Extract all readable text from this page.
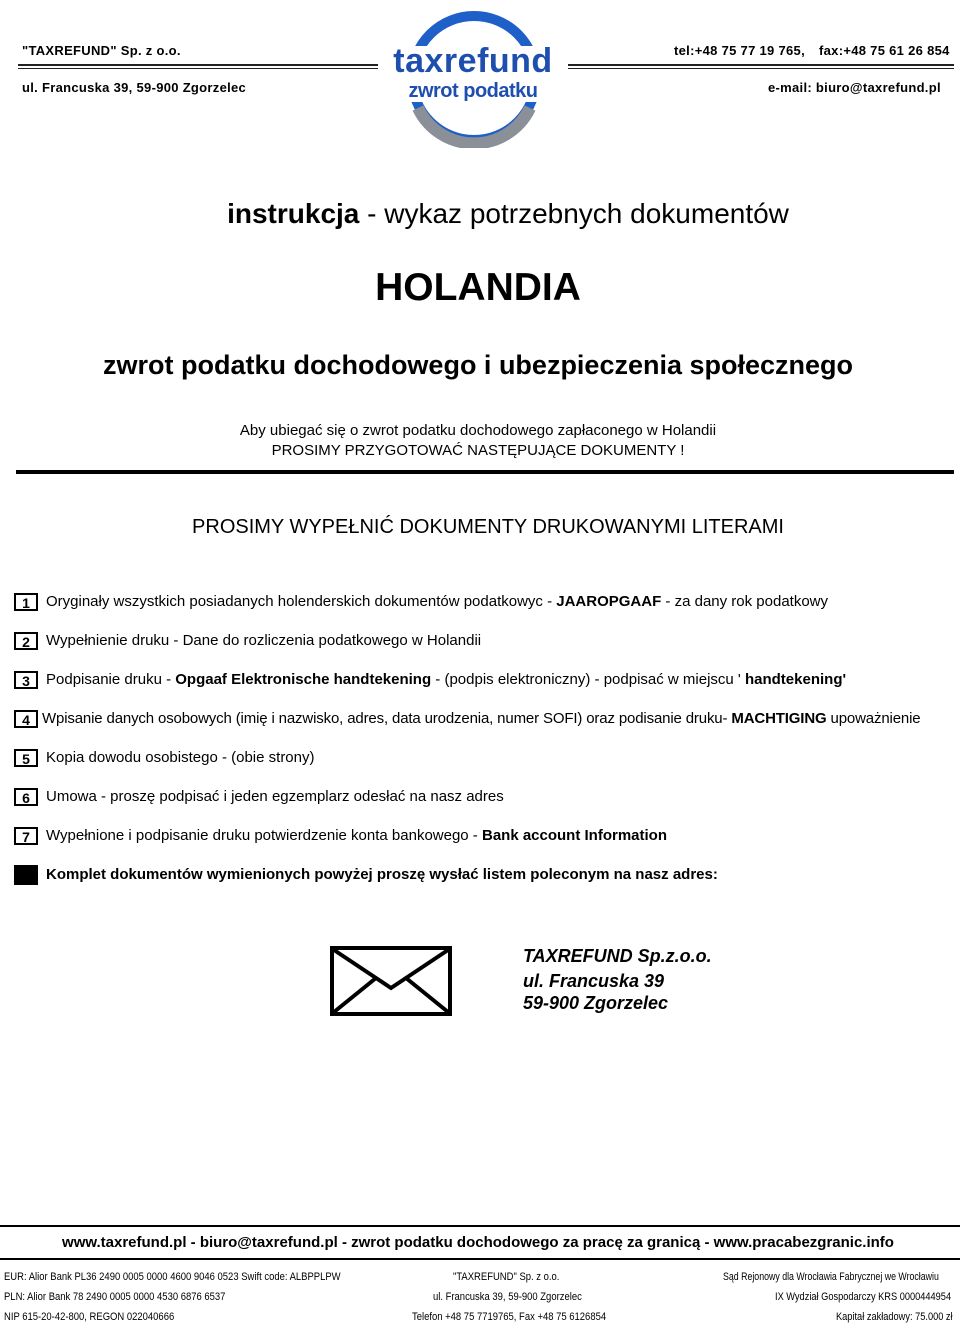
"TAXREFUND" Sp. z o.o.
ul. Francuska 39, 59-900 Zgorzelec
tel:+48 75 77 19 765, fax:+48 75 61 26 854
e-mail: biuro@taxrefund.pl
taxrefund
zwrot podatku
instrukcja - wykaz potrzebnych dokumentów
HOLANDIA
zwrot podatku dochodowego i ubezpieczenia społecznego
Aby ubiegać się o zwrot podatku dochodowego zapłaconego w Holandii
PROSIMY PRZYGOTOWAĆ NASTĘPUJĄCE DOKUMENTY !
PROSIMY WYPEŁNIĆ DOKUMENTY DRUKOWANYMI LITERAMI
1	Oryginały wszystkich posiadanych holenderskich dokumentów podatkowyc - JAAROPGAAF - za dany rok podatkowy
2	Wypełnienie druku - Dane do rozliczenia podatkowego w Holandii
3	Podpisanie druku - Opgaaf Elektronische handtekening - (podpis elektroniczny) - podpisać w miejscu ' handtekening'
4 Wpisanie danych osobowych (imię i nazwisko, adres, data urodzenia, numer SOFI) oraz podisanie druku- MACHTIGING upoważnienie
5	Kopia dowodu osobistego - (obie strony)
6	Umowa - proszę podpisać i jeden egzemplarz odesłać na nasz adres
7	Wypełnione i podpisanie druku potwierdzenie konta bankowego - Bank account Information
8	Komplet dokumentów wymienionych powyżej proszę wysłać listem poleconym na nasz adres:
TAXREFUND Sp.z.o.o.
ul. Francuska 39
59-900 Zgorzelec
www.taxrefund.pl - biuro@taxrefund.pl - zwrot podatku dochodowego za pracę za granicą - www.pracabezgranic.info
EUR: Alior Bank PL36 2490 0005 0000 4600 9046 0523 Swift code: ALBPPLPW
PLN: Alior Bank 78 2490 0005 0000 4530 6876 6537
NIP 615-20-42-800, REGON 022040666
"TAXREFUND" Sp. z o.o.
ul. Francuska 39, 59-900 Zgorzelec
Telefon +48 75 7719765, Fax +48 75 6126854
Sąd Rejonowy dla Wrocławia Fabrycznej we Wrocławiu
IX Wydział Gospodarczy KRS 0000444954
Kapitał zakładowy: 75.000 zł
